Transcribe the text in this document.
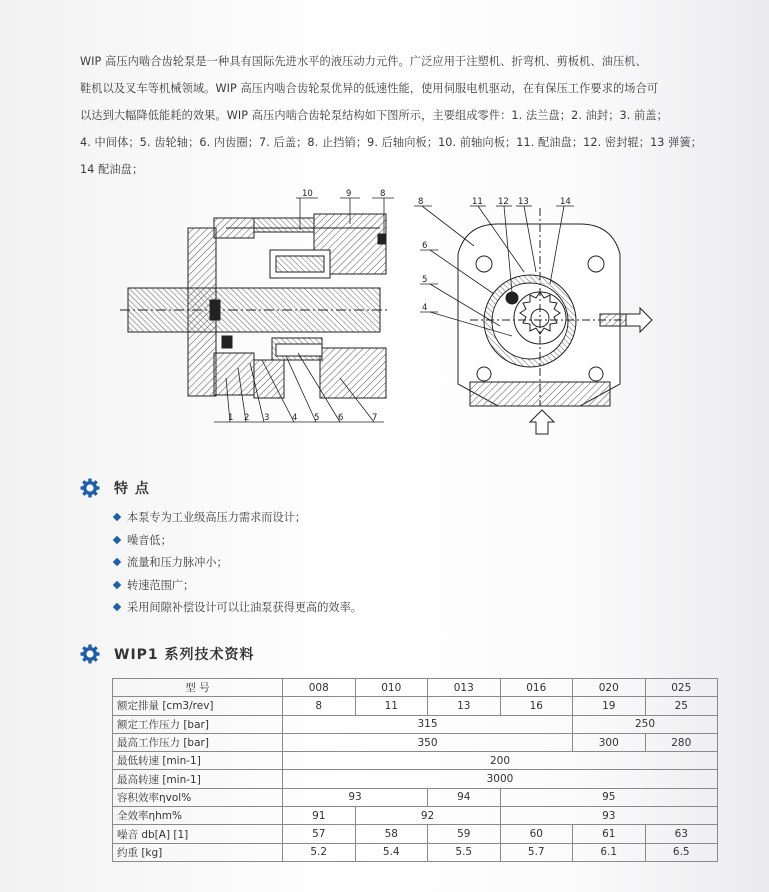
WIP 高压内啮合齿轮泵是一种具有国际先进水平的液压动力元件。广泛应用于注塑机、折弯机、剪板机、油压机、

鞋机以及叉车等机械领域。WIP 高压内啮合齿轮泵优异的低速性能，使用伺服电机驱动，在有保压工作要求的场合可

以达到大幅降低能耗的效果。WIP 高压内啮合齿轮泵结构如下图所示，主要组成零件：1. 法兰盘；2. 油封；3. 前盖；

4. 中间体；5. 齿轮轴；6. 内齿圈；7. 后盖；8. 止挡销；9. 后轴向板；10. 前轴向板；11. 配油盘；12. 密封辊；13 弹簧；

14 配油盘；

10	9	8
1 2 3	4 5 6	7
8	11 12 13	14
6
5
4
特 点
本泵专为工业级高压力需求而设计；
噪音低；
流量和压力脉冲小；
转速范围广；
采用间隙补偿设计可以让油泵获得更高的效率。
WIP1 系列技术资料
型 号	008	010	013	016	020	025
额定排量 [cm3/rev]	8	11	13	16	19	25
额定工作压力 [bar]	315				250	
最高工作压力 [bar]	350				300	280
最低转速 [min-1]	200					
最高转速 [min-1]	3000					
容积效率ηvol%	93		94	95		
全效率ηhm%	91	92		93		
噪音 db[A] [1]	57	58	59	60	61	63
约重 [kg]	5.2	5.4	5.5	5.7	6.1	6.5
